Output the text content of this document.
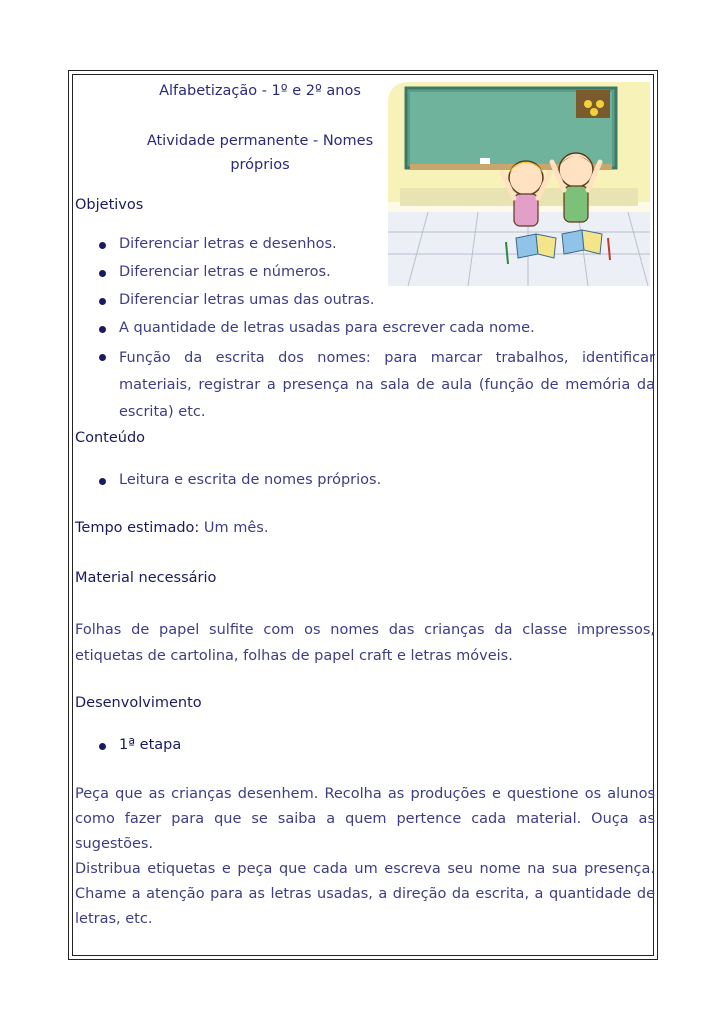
Alfabetização - 1º e 2º anos
Atividade permanente - Nomes
próprios
Objetivos
Diferenciar letras e desenhos.
Diferenciar letras e números.
Diferenciar letras umas das outras.
A quantidade de letras usadas para escrever cada nome.
Função da escrita dos nomes: para marcar trabalhos, identificar materiais, registrar a presença na sala de aula (função de memória da escrita) etc.
Conteúdo
Leitura e escrita de nomes próprios.
Tempo estimado: Um mês.
Material necessário
Folhas de papel sulfite com os nomes das crianças da classe impressos, etiquetas de cartolina, folhas de papel craft e letras móveis.
Desenvolvimento
1ª etapa
Peça que as crianças desenhem. Recolha as produções e questione os alunos como fazer para que se saiba a quem pertence cada material. Ouça as sugestões.
Distribua etiquetas e peça que cada um escreva seu nome na sua presença. Chame a atenção para as letras usadas, a direção da escrita, a quantidade de letras, etc.
